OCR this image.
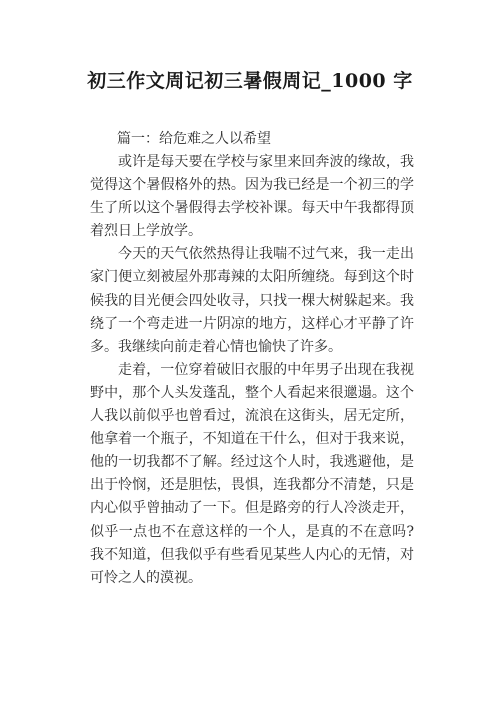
初三作文周记初三暑假周记_1000 字
篇一：给危难之人以希望

或许是每天要在学校与家里来回奔波的缘故，我觉得这个暑假格外的热。因为我已经是一个初三的学生了所以这个暑假得去学校补课。每天中午我都得顶着烈日上学放学。

今天的天气依然热得让我喘不过气来，我一走出家门便立刻被屋外那毒辣的太阳所缠绕。每到这个时候我的目光便会四处收寻，只找一棵大树躲起来。我绕了一个弯走进一片阴凉的地方，这样心才平静了许多。我继续向前走着心情也愉快了许多。

走着，一位穿着破旧衣服的中年男子出现在我视野中，那个人头发蓬乱，整个人看起来很邋遢。这个人我以前似乎也曾看过，流浪在这街头，居无定所，他拿着一个瓶子，不知道在干什么，但对于我来说，他的一切我都不了解。经过这个人时，我逃避他，是出于怜悯，还是胆怯，畏惧，连我都分不清楚，只是内心似乎曾抽动了一下。但是路旁的行人冷淡走开，似乎一点也不在意这样的一个人，是真的不在意吗?我不知道，但我似乎有些看见某些人内心的无情，对可怜之人的漠视。
